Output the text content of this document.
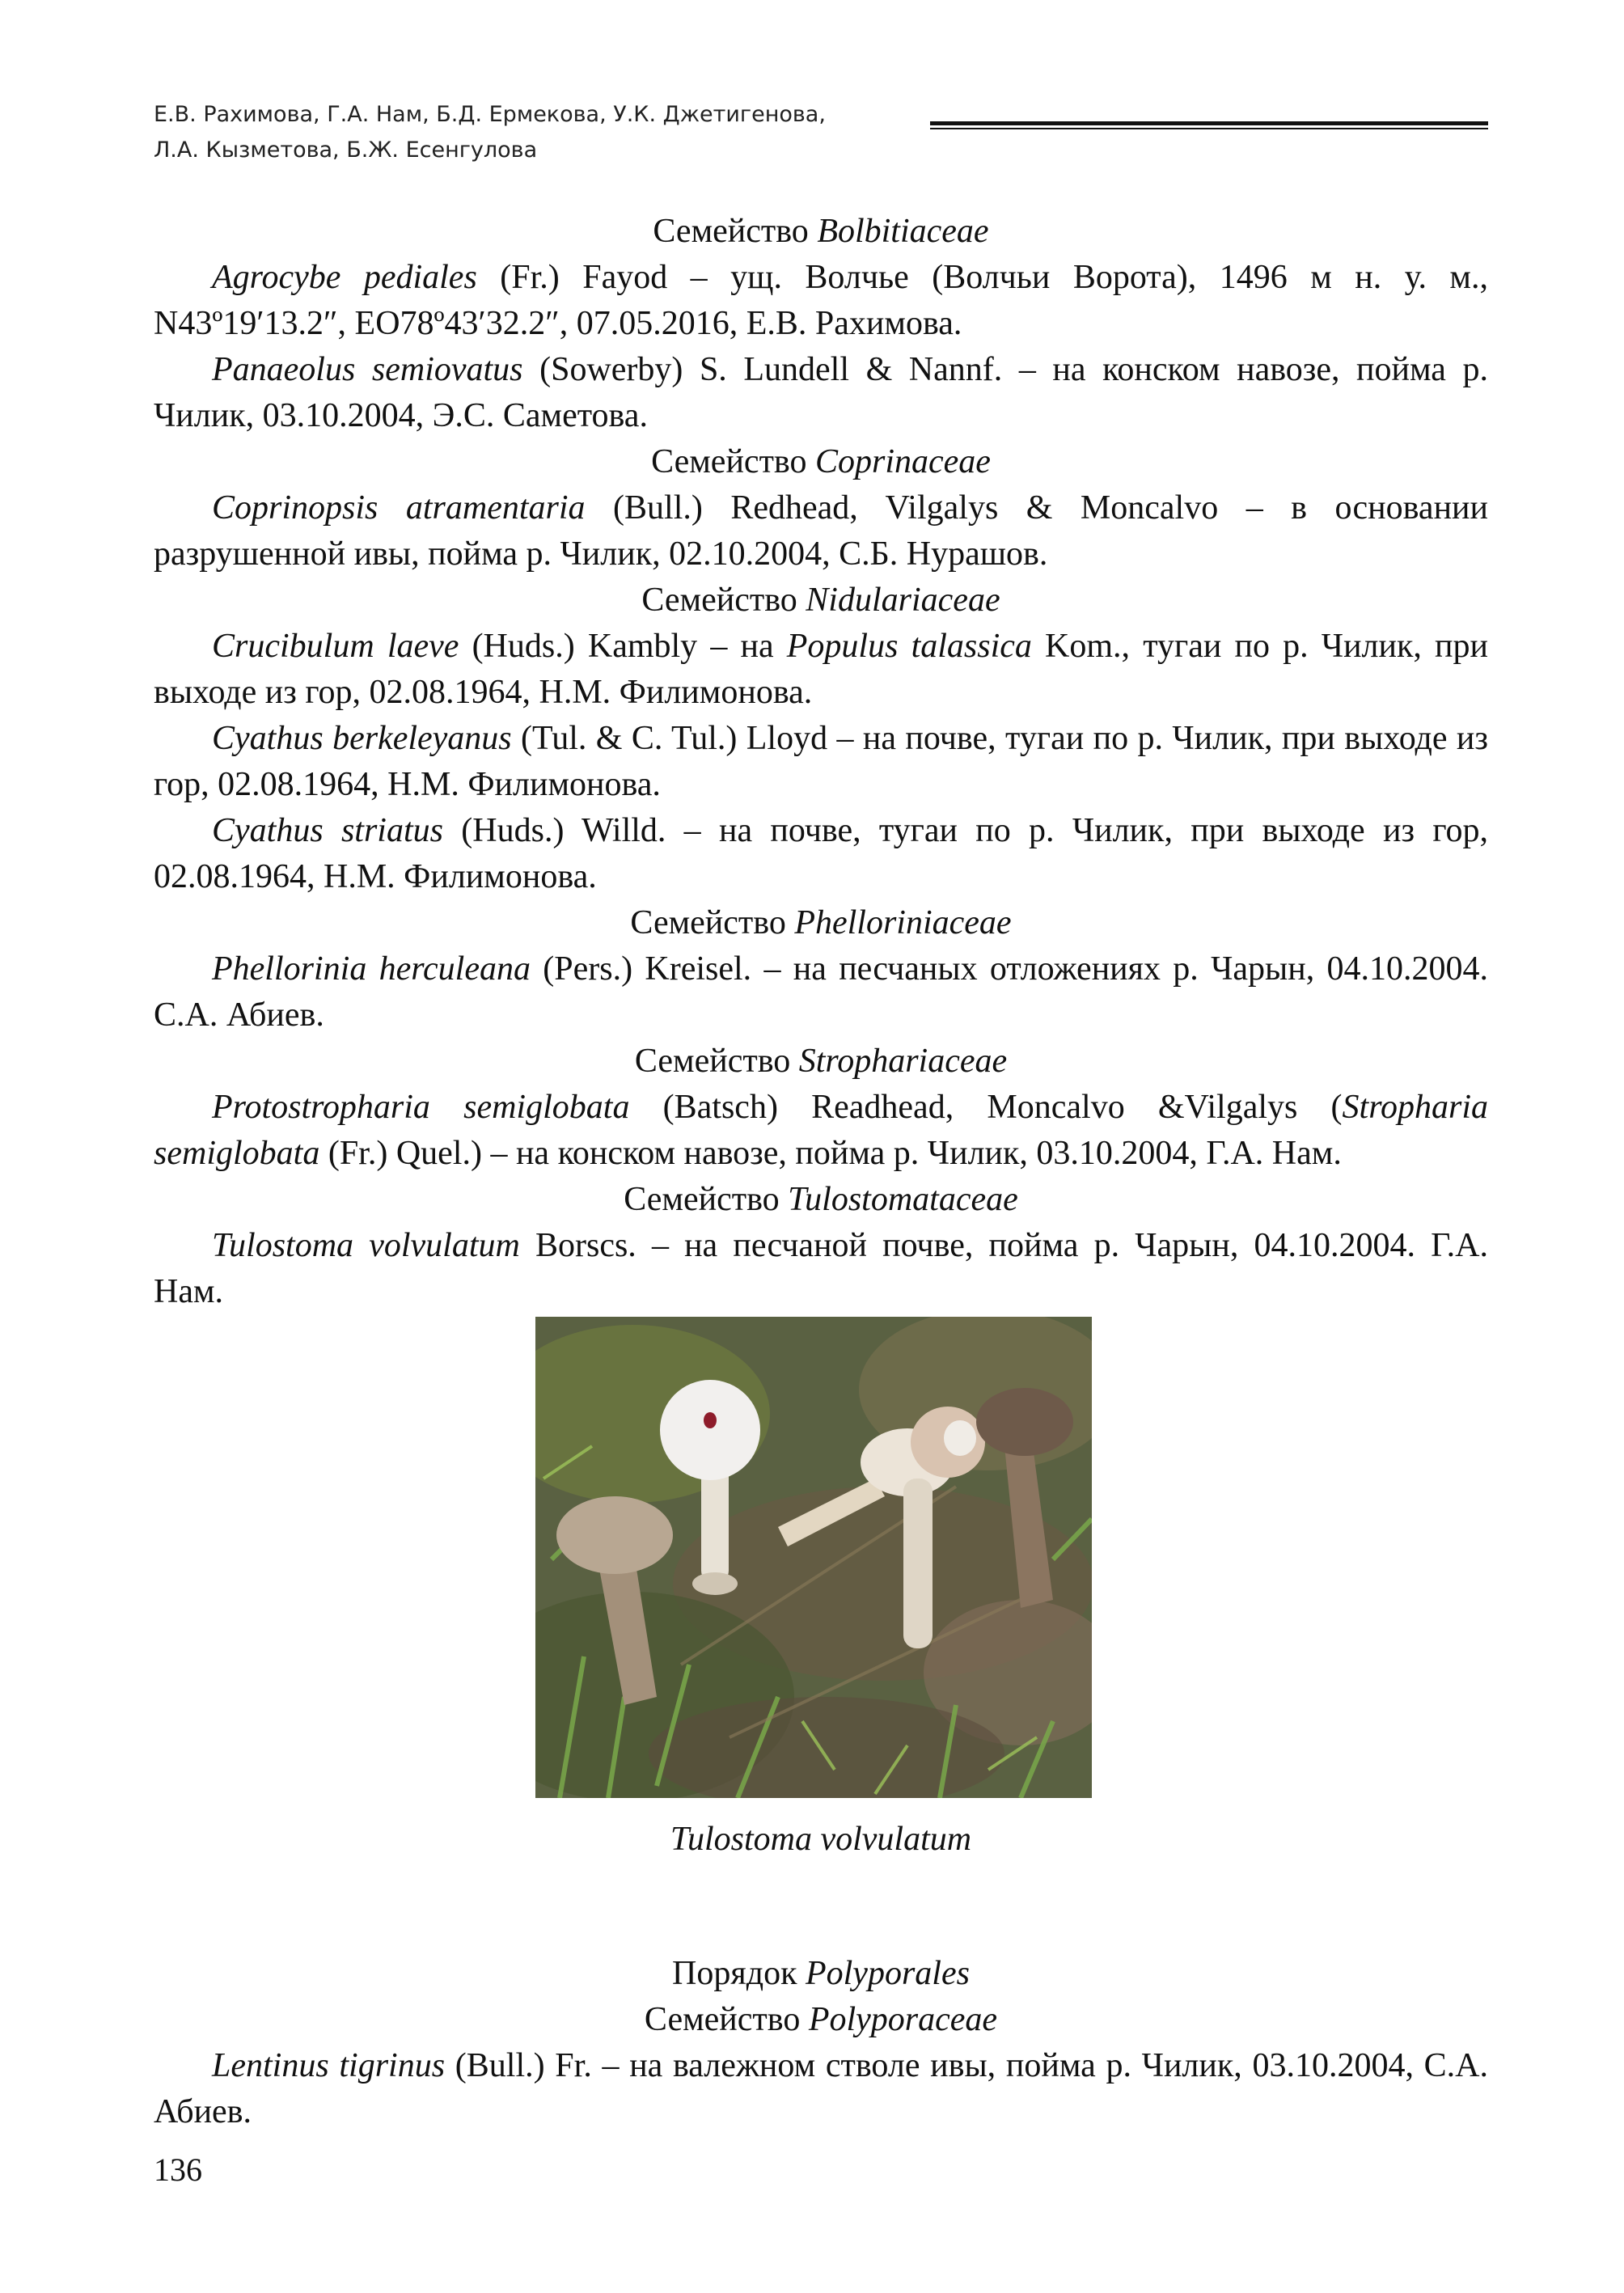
Е.В. Рахимова, Г.А. Нам, Б.Д. Ермекова, У.К. Джетигенова,
Л.А. Кызметова, Б.Ж. Есенгулова
Семейство Bolbitiaceae
Agrocybe pediales (Fr.) Fayod – ущ. Волчье (Волчьи Ворота), 1496 м н. у. м., N43º19′13.2″, EO78º43′32.2″, 07.05.2016, Е.В. Рахимова.
Panaeolus semiovatus (Sowerby) S. Lundell & Nannf. – на конском навозе, пойма р. Чилик, 03.10.2004, Э.С. Саметова.
Семейство Coprinaceae
Coprinopsis atramentaria (Bull.) Redhead, Vilgalys & Moncalvo – в основании разрушенной ивы, пойма р. Чилик, 02.10.2004, С.Б. Нурашов.
Семейство Nidulariaceae
Crucibulum laeve (Huds.) Kambly – на Populus talassica Kom., тугаи по р. Чилик, при выходе из гор, 02.08.1964, Н.М. Филимонова.
Cyathus berkeleyanus (Tul. & C. Tul.) Lloyd – на почве, тугаи по р. Чилик, при выходе из гор, 02.08.1964, Н.М. Филимонова.
Cyathus striatus (Huds.) Willd. – на почве, тугаи по р. Чилик, при выходе из гор, 02.08.1964, Н.М. Филимонова.
Семейство Phelloriniaceae
Phellorinia herculeana (Pers.) Kreisel. – на песчаных отложениях р. Чарын, 04.10.2004. С.А. Абиев.
Семейство Strophariaceae
Protostropharia semiglobata (Batsch) Readhead, Moncalvo &Vilgalys (Stropharia semiglobata (Fr.) Quel.) – на конском навозе, пойма р. Чилик, 03.10.2004, Г.А. Нам.
Семейство Tulostomataceae
Tulostoma volvulatum Borscs. – на песчаной почве, пойма р. Чарын, 04.10.2004. Г.А. Нам.
Tulostoma volvulatum
Порядок Polyporales
Семейство Polyporaceae
Lentinus tigrinus (Bull.) Fr. – на валежном стволе ивы, пойма р. Чилик, 03.10.2004, С.А. Абиев.
136
